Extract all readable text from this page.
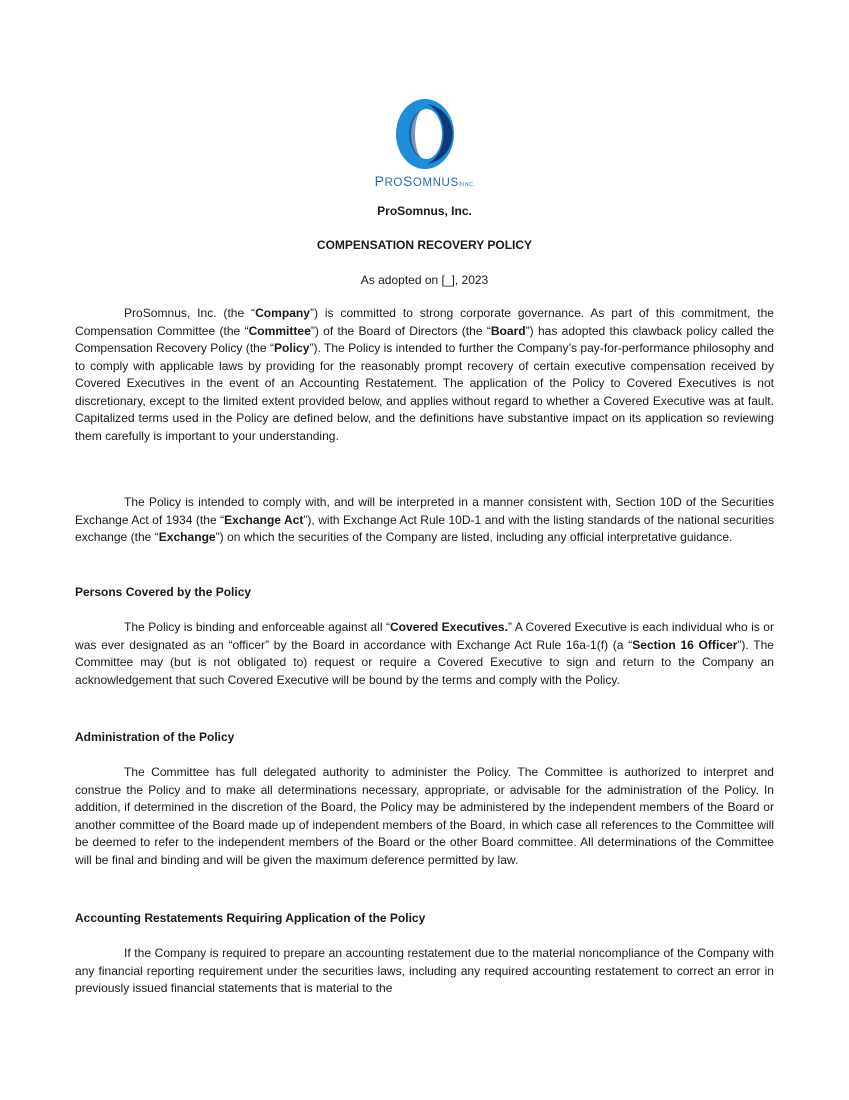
PROSOMNUS®INC.
ProSomnus, Inc.
COMPENSATION RECOVERY POLICY
As adopted on [_], 2023

ProSomnus, Inc. (the “Company”) is committed to strong corporate governance. As part of this commitment, the Compensation Committee (the “Committee”) of the Board of Directors (the “Board”) has adopted this clawback policy called the Compensation Recovery Policy (the “Policy”). The Policy is intended to further the Company’s pay-for-performance philosophy and to comply with applicable laws by providing for the reasonably prompt recovery of certain executive compensation received by Covered Executives in the event of an Accounting Restatement. The application of the Policy to Covered Executives is not discretionary, except to the limited extent provided below, and applies without regard to whether a Covered Executive was at fault. Capitalized terms used in the Policy are defined below, and the definitions have substantive impact on its application so reviewing them carefully is important to your understanding.

The Policy is intended to comply with, and will be interpreted in a manner consistent with, Section 10D of the Securities Exchange Act of 1934 (the “Exchange Act”), with Exchange Act Rule 10D-1 and with the listing standards of the national securities exchange (the “Exchange”) on which the securities of the Company are listed, including any official interpretative guidance.

Persons Covered by the Policy

The Policy is binding and enforceable against all “Covered Executives.” A Covered Executive is each individual who is or was ever designated as an “officer” by the Board in accordance with Exchange Act Rule 16a-1(f) (a “Section 16 Officer”). The Committee may (but is not obligated to) request or require a Covered Executive to sign and return to the Company an acknowledgement that such Covered Executive will be bound by the terms and comply with the Policy.

Administration of the Policy

The Committee has full delegated authority to administer the Policy. The Committee is authorized to interpret and construe the Policy and to make all determinations necessary, appropriate, or advisable for the administration of the Policy. In addition, if determined in the discretion of the Board, the Policy may be administered by the independent members of the Board or another committee of the Board made up of independent members of the Board, in which case all references to the Committee will be deemed to refer to the independent members of the Board or the other Board committee. All determinations of the Committee will be final and binding and will be given the maximum deference permitted by law.

Accounting Restatements Requiring Application of the Policy

If the Company is required to prepare an accounting restatement due to the material noncompliance of the Company with any financial reporting requirement under the securities laws, including any required accounting restatement to correct an error in previously issued financial statements that is material to the
